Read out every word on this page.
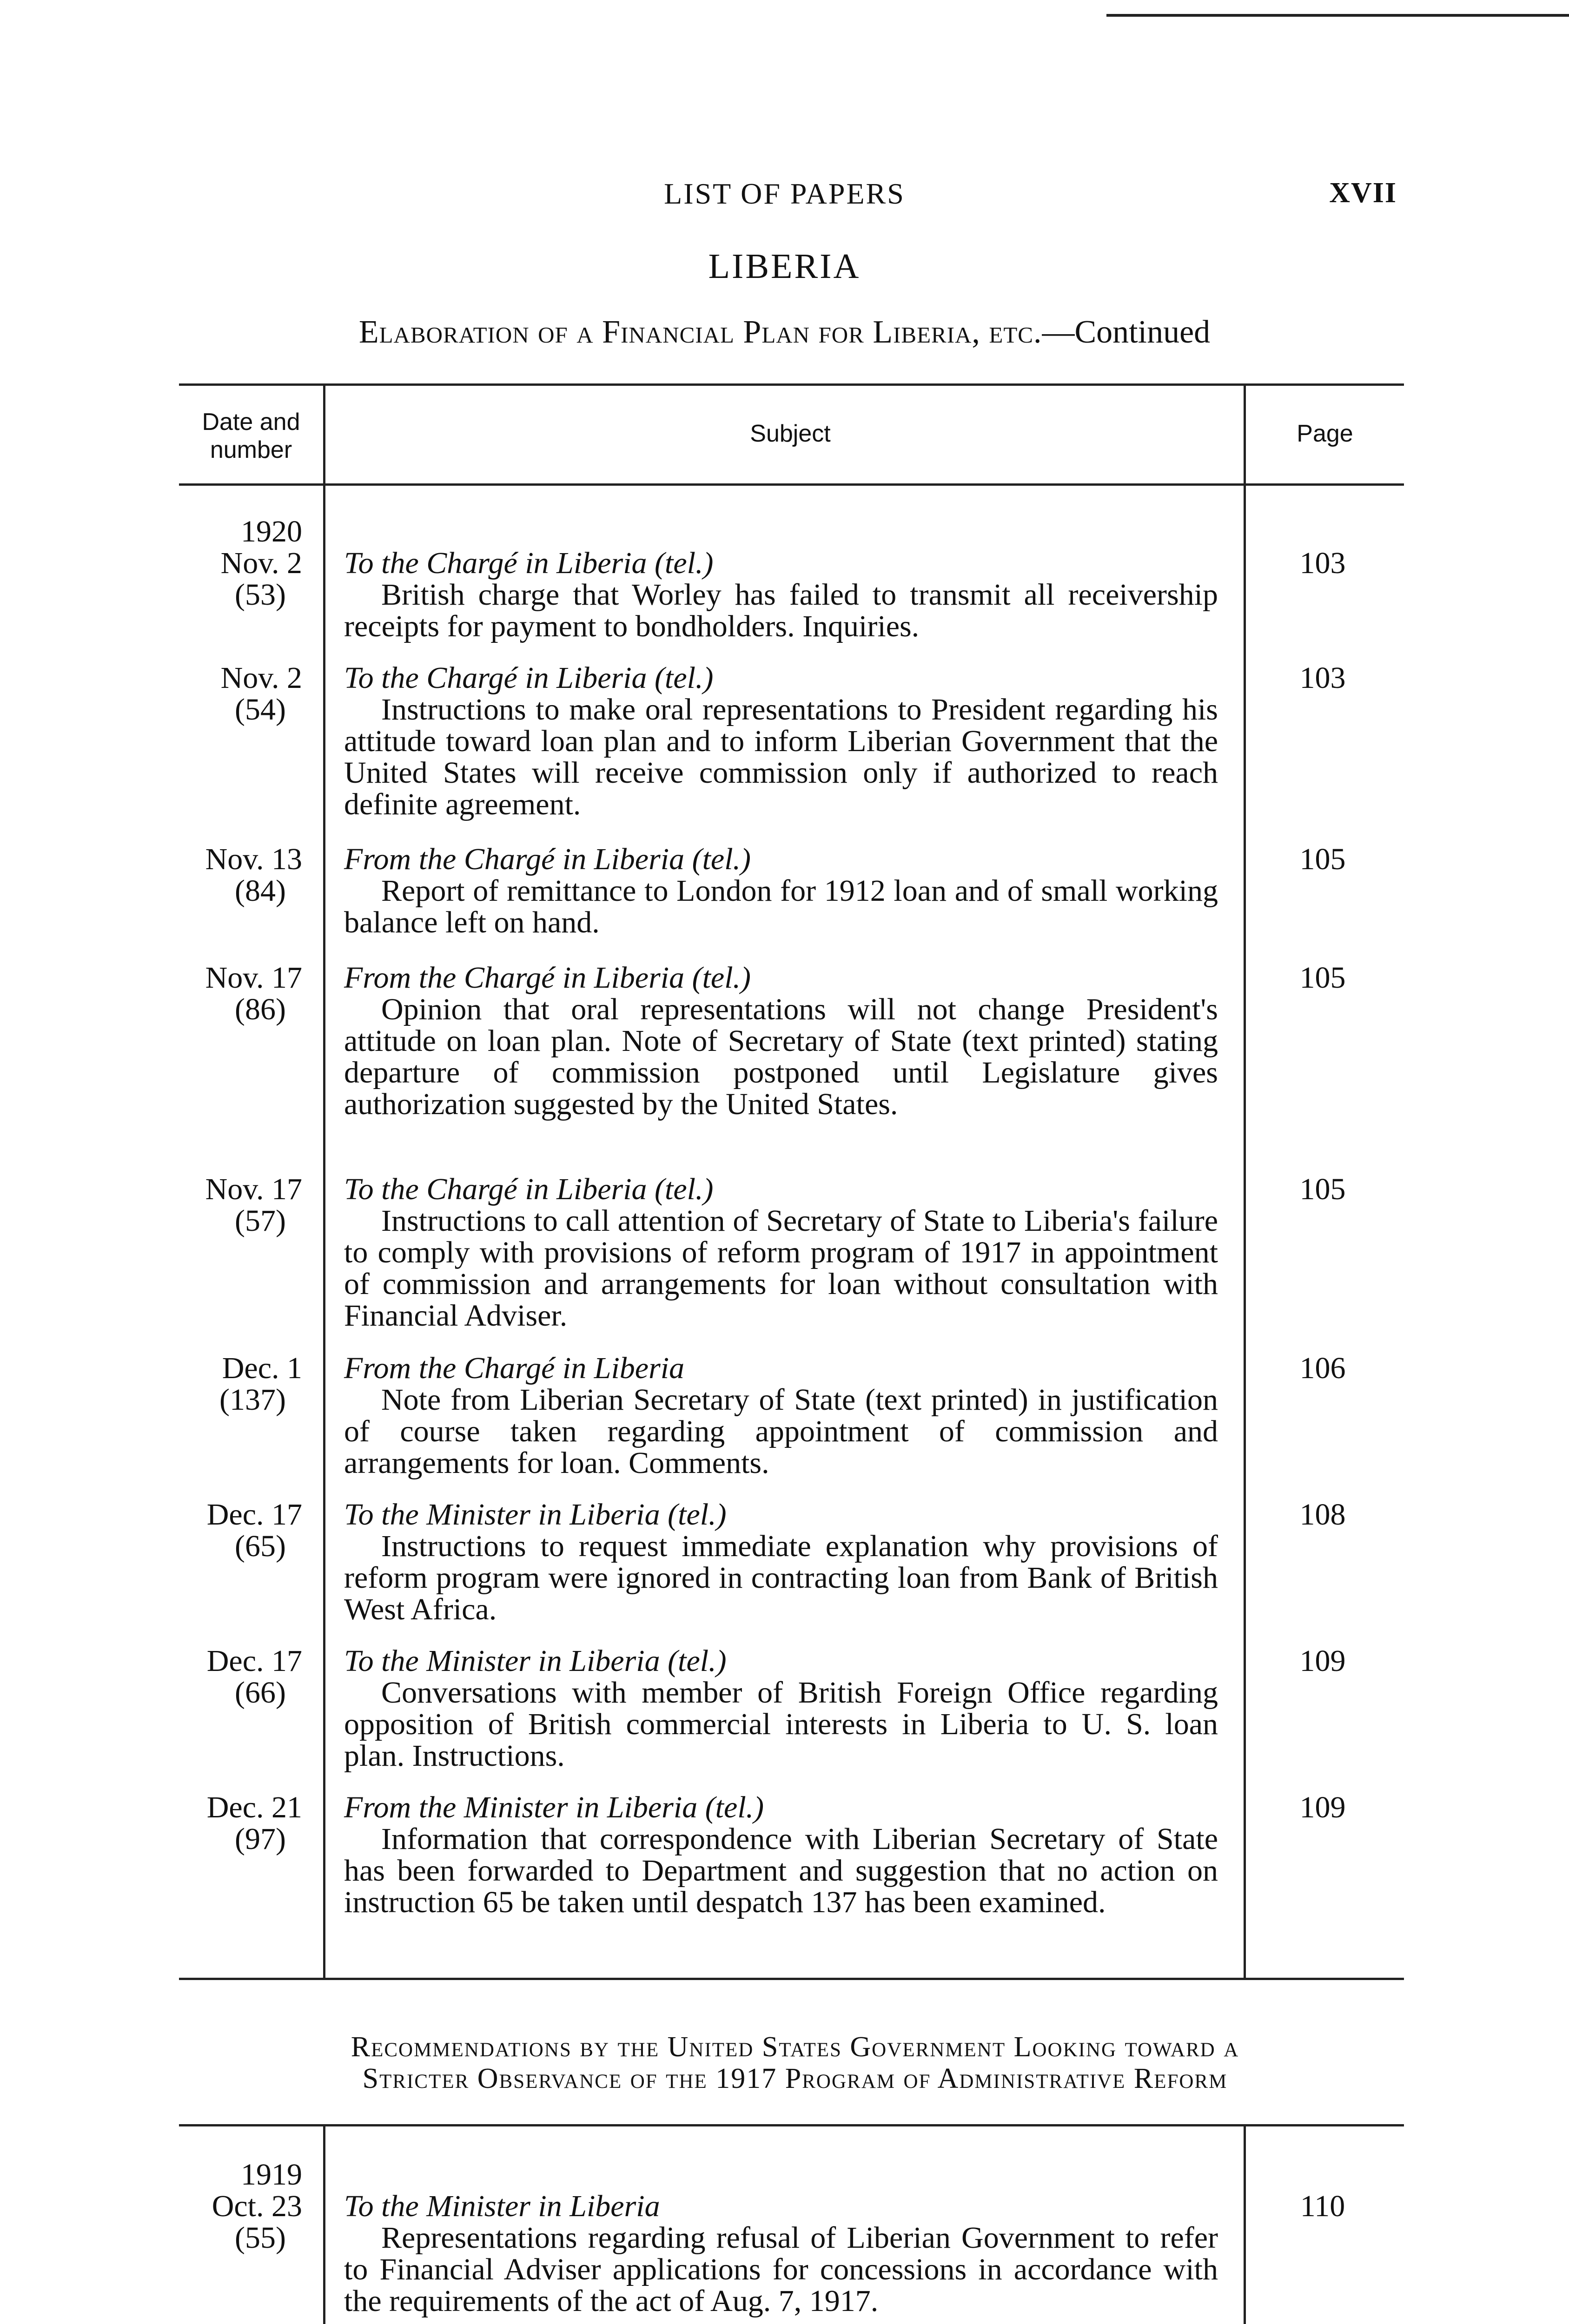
LIST OF PAPERS	XVII
LIBERIA
Elaboration of a Financial Plan for Liberia, etc.—Continued
Date and number
Subject	Page
1920
Nov. 2
(53)
To the Chargé in Liberia (tel.)
British charge that Worley has failed to transmit all receivership receipts for payment to bondholders. Inquiries.
103
Nov. 2
(54)
To the Chargé in Liberia (tel.)
Instructions to make oral representations to President regarding his attitude toward loan plan and to inform Liberian Government that the United States will receive commission only if authorized to reach definite agreement.
103
Nov. 13
(84)
From the Chargé in Liberia (tel.)
Report of remittance to London for 1912 loan and of small working balance left on hand.
105
Nov. 17
(86)
From the Chargé in Liberia (tel.)
Opinion that oral representations will not change President's attitude on loan plan. Note of Secretary of State (text printed) stating departure of commission postponed until Legislature gives authorization suggested by the United States.
105
Nov. 17
(57)
To the Chargé in Liberia (tel.)
Instructions to call attention of Secretary of State to Liberia's failure to comply with provisions of reform program of 1917 in appointment of commission and arrangements for loan without consultation with Financial Adviser.
105
Dec. 1
(137)
From the Chargé in Liberia
Note from Liberian Secretary of State (text printed) in justification of course taken regarding appointment of commission and arrangements for loan. Comments.
106
Dec. 17
(65)
To the Minister in Liberia (tel.)
Instructions to request immediate explanation why provisions of reform program were ignored in contracting loan from Bank of British West Africa.
108
Dec. 17
(66)
To the Minister in Liberia (tel.)
Conversations with member of British Foreign Office regarding opposition of British commercial interests in Liberia to U. S. loan plan. Instructions.
109
Dec. 21
(97)
From the Minister in Liberia (tel.)
Information that correspondence with Liberian Secretary of State has been forwarded to Department and suggestion that no action on instruction 65 be taken until despatch 137 has been examined.
109
Recommendations by the United States Government Looking toward a
Stricter Observance of the 1917 Program of Administrative Reform
1919
Oct. 23
(55)
To the Minister in Liberia
Representations regarding refusal of Liberian Government to refer to Financial Adviser applications for concessions in accordance with the requirements of the act of Aug. 7, 1917.
110
